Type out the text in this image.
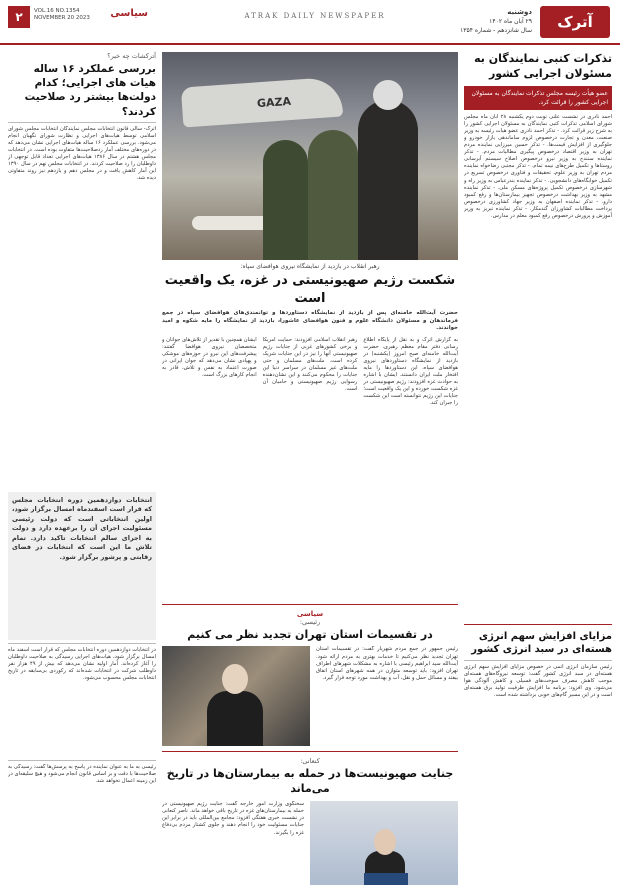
آترک
دوشنبه
۲۹ آبان ماه ۱۴۰۲
سال شانزدهم - شماره ۱۳۵۴
ATRAK DAILY NEWSPAPER
۲	VOL.16 NO.1354
NOVEMBER 20 2023 سیاسی
تذکرات کتبی نمایندگان به مسئولان اجرایی کشور
عضو هیأت رئیسه مجلس تذکرات نمایندگان به مسئولان اجرایی کشور را قرائت کرد.
احمد نادری در نشست علنی نوبت دوم یکشنبه ۲۸ آبان ماه مجلس شورای اسلامی تذکرات کتبی نمایندگان به مسئولان اجرایی کشور را به شرح زیر قرائت کرد. - تذکر احمد نادری عضو هیات رئیسه به وزیر صنعت، معدن و تجارت درخصوص لزوم ساماندهی بازار خودرو و جلوگیری از افزایش قیمت‌ها. - تذکر حسین میرزایی نماینده مردم تهران به وزیر اقتصاد درخصوص پیگیری مطالبات مردم. - تذکر نماینده سنندج به وزیر نیرو درخصوص اصلاح سیستم آبرسانی روستاها و تکمیل طرح‌های نیمه تمام. - تذکر مجتبی رضاخواه نماینده مردم تهران به وزیر علوم، تحقیقات و فناوری درخصوص تسریع در تکمیل خوابگاه‌های دانشجویی. - تذکر نماینده بندرعباس به وزیر راه و شهرسازی درخصوص تکمیل پروژه‌های مسکن ملی. - تذکر نماینده مشهد به وزیر بهداشت درخصوص تجهیز بیمارستان‌ها و رفع کمبود دارو. - تذکر نماینده اصفهان به وزیر جهاد کشاورزی درخصوص پرداخت مطالبات کشاورزان گندمکار. - تذکر نماینده تبریز به وزیر آموزش و پرورش درخصوص رفع کمبود معلم در مدارس.
مزایای افزایش سهم انرژی هسته‌ای در سبد انرژی کشور
رئیس سازمان انرژی اتمی در خصوص مزایای افزایش سهم انرژی هسته‌ای در سبد انرژی کشور گفت: توسعه نیروگاه‌های هسته‌ای موجب کاهش مصرف سوخت‌های فسیلی و کاهش آلودگی هوا می‌شود. وی افزود: برنامه ما افزایش ظرفیت تولید برق هسته‌ای است و در این مسیر گام‌های خوبی برداشته شده است.
GAZA
رهبر انقلاب در بازدید از نمایشگاه نیروی هوافضای سپاه:
شکست رژیم صهیونیستی در غزه، یک واقعیت است
حضرت آیت‌الله خامنه‌ای پس از بازدید از نمایشگاه دستاوردها و توانمندی‌های هوافضای سپاه در جمع فرماندهان و مسئولان دانشگاه علوم و فنون هوافضای عاشورا، بازدید از نمایشگاه را مایه شکوه و امید خواندند.
به گزارش آترک و به نقل از پایگاه اطلاع رسانی دفتر مقام معظم رهبری، حضرت آیت‌الله خامنه‌ای صبح امروز (یکشنبه) در بازدید از نمایشگاه دستاوردهای نیروی هوافضای سپاه، این دستاوردها را مایه افتخار ملت ایران دانستند. ایشان با اشاره به حوادث غزه افزودند: رژیم صهیونیستی در غزه شکست خورده و این یک واقعیت است؛ جنایات این رژیم نتوانسته است این شکست را جبران کند.
رهبر انقلاب اسلامی افزودند: حمایت آمریکا و برخی کشورهای غربی از جنایات رژیم صهیونیستی آنها را نیز در این جنایات شریک کرده است. ملت‌های مسلمان و حتی ملت‌های غیر مسلمان در سراسر دنیا این جنایات را محکوم می‌کنند و این نشان‌دهنده رسوایی رژیم صهیونیستی و حامیان آن است.
ایشان همچنین با تقدیر از تلاش‌های جوانان و متخصصان نیروی هوافضا گفتند: پیشرفت‌های این نیرو در حوزه‌های موشکی و پهپادی نشان می‌دهد که جوان ایرانی در صورت اعتماد به نفس و تلاش، قادر به انجام کارهای بزرگ است.
سیاسی
رئیسی:
در تقسیمات استان تهران تجدید نظر می کنیم
رئیس جمهور در جمع مردم شهریار گفت: در تقسیمات استان تهران تجدید نظر می‌کنیم تا خدمات بهتری به مردم ارائه شود. آیت‌الله سید ابراهیم رئیسی با اشاره به مشکلات شهرهای اطراف تهران افزود: باید توسعه متوازن در همه شهرهای استان اتفاق بیفتد و مسائل حمل و نقل، آب و بهداشت مورد توجه قرار گیرد.
کنعانی:
جنایت صهیونیست‌ها در حمله به بیمارستان‌ها در تاریخ می‌ماند
سخنگوی وزارت امور خارجه گفت: جنایت رژیم صهیونیستی در حمله به بیمارستان‌های غزه در تاریخ باقی خواهد ماند. ناصر کنعانی در نشست خبری هفتگی افزود: مجامع بین‌المللی باید در برابر این جنایات مسئولیت خود را انجام دهند و جلوی کشتار مردم بی‌دفاع غزه را بگیرند.
آترکشات چه خبر؟
بررسی عملکرد ۱۶ ساله هیات های اجرایی؛ کدام دولت‌ها بیشتر رد صلاحیت کردند؟
آترک- سالی قانون انتخابات مجلس نمایندگان انتخابات مجلس شورای اسلامی توسط هیات‌های اجرایی و نظارت شورای نگهبان انجام می‌شود. بررسی عملکرد ۱۶ ساله هیات‌های اجرایی نشان می‌دهد که در دوره‌های مختلف آمار ردصلاحیت‌ها متفاوت بوده است. در انتخابات مجلس هشتم در سال ۱۳۸۶ هیات‌های اجرایی تعداد قابل توجهی از داوطلبان را رد صلاحیت کردند. در انتخابات مجلس نهم در سال ۱۳۹۰ این آمار کاهش یافت و در مجلس دهم و یازدهم نیز روند متفاوتی دیده شد.
انتخابات دوازدهمین دوره انتخابات مجلس که قرار است اسفندماه امسال برگزار شود، اولین انتخاباتی است که دولت رئیسی مسئولیت اجرای آن را برعهده دارد و دولت به اجرای سالم انتخابات تاکید دارد. تمام تلاش ما این است که انتخابات در فضای رقابتی و پرشور برگزار شود.
در انتخابات دوازدهمین دوره انتخابات مجلس که قرار است اسفند ماه امسال برگزار شود، هیات‌های اجرایی رسیدگی به صلاحیت داوطلبان را آغاز کرده‌اند. آمار اولیه نشان می‌دهد که بیش از ۴۹ هزار نفر داوطلب شرکت در انتخابات شده‌اند که رکوردی بی‌سابقه در تاریخ انتخابات مجلس محسوب می‌شود.
رئیسی به ما به عنوان نماینده در پاسخ به پرسش‌ها گفت: رسیدگی به صلاحیت‌ها با دقت و بر اساس قانون انجام می‌شود و هیچ سلیقه‌ای در این زمینه اعمال نخواهد شد.
